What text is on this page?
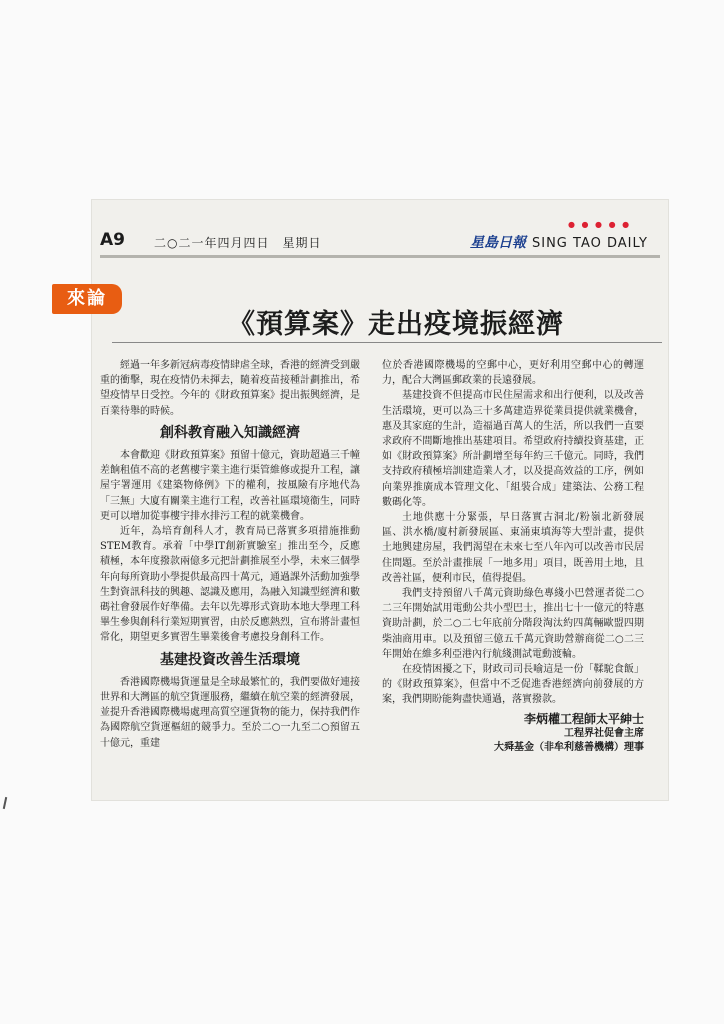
A9 二○二一年四月四日　星期日
● ● ● ● ●
星島日報 SING TAO DAILY
來論
《預算案》走出疫境振經濟

經過一年多新冠病毒疫情肆虐全球，香港的經濟受到嚴重的衝擊，現在疫情仍未揮去，隨着疫苗接種計劃推出，希望疫情早日受控。今年的《財政預算案》提出振興經濟，是百業待舉的時候。

創科教育融入知識經濟

本會歡迎《財政預算案》預留十億元，資助超過三千幢差餉租值不高的老舊樓宇業主進行渠管維修或提升工程，讓屋宇署運用《建築物條例》下的權利，按風險有序地代為「三無」大廈有關業主進行工程，改善社區環境衞生，同時更可以增加從事樓宇排水排污工程的就業機會。

近年，為培育創科人才，教育局已落實多項措施推動STEM教育。承着「中學IT創新實驗室」推出至今，反應積極，本年度撥款兩億多元把計劃推展至小學，未來三個學年向每所資助小學提供最高四十萬元，通過課外活動加強學生對資訊科技的興趣、認識及應用，為融入知識型經濟和數碼社會發展作好準備。去年以先導形式資助本地大學理工科畢生參與創科行業短期實習，由於反應熱烈，宣布將計畫恒常化，期望更多實習生畢業後會考慮投身創科工作。

基建投資改善生活環境

香港國際機場貨運量是全球最繁忙的，我們要做好連接世界和大灣區的航空貨運服務，繼續在航空業的經濟發展，並提升香港國際機場處理高質空運貨物的能力，保持我們作為國際航空貨運樞紐的競爭力。至於二○一九至二○預留五十億元，重建

位於香港國際機場的空郵中心，更好利用空郵中心的轉運力，配合大灣區郵政業的長遠發展。

基建投資不但提高市民住屋需求和出行便利，以及改善生活環境，更可以為三十多萬建造界從業員提供就業機會，惠及其家庭的生計，造福過百萬人的生活，所以我們一直要求政府不間斷地推出基建項目。希望政府持續投資基建，正如《財政預算案》所計劃增至每年約三千億元。同時，我們支持政府積極培訓建造業人才，以及提高效益的工序，例如向業界推廣成本管理文化、「組裝合成」建築法、公務工程數碼化等。

土地供應十分緊張，早日落實古洞北/粉嶺北新發展區、洪水橋/廈村新發展區、東涌東填海等大型計畫，提供土地興建房屋，我們渴望在未來七至八年內可以改善市民居住問題。至於計畫推展「一地多用」項目，既善用土地，且改善社區，便利市民，值得提倡。

我們支持預留八千萬元資助綠色專綫小巴營運者從二○二三年開始試用電動公共小型巴士，推出七十一億元的特惠資助計劃，於二○二七年底前分階段淘汰約四萬輛歐盟四期柴油商用車。以及預留三億五千萬元資助營辦商從二○二三年開始在維多利亞港內行航綫測試電動渡輪。

在疫情困擾之下，財政司司長喻這是一份「鞣駝食飯」的《財政預算案》，但當中不乏促進香港經濟向前發展的方案，我們期盼能夠盡快通過，落實撥款。

李炳權工程師太平紳士
工程界社促會主席
大舜基金（非牟利慈善機構）理事
